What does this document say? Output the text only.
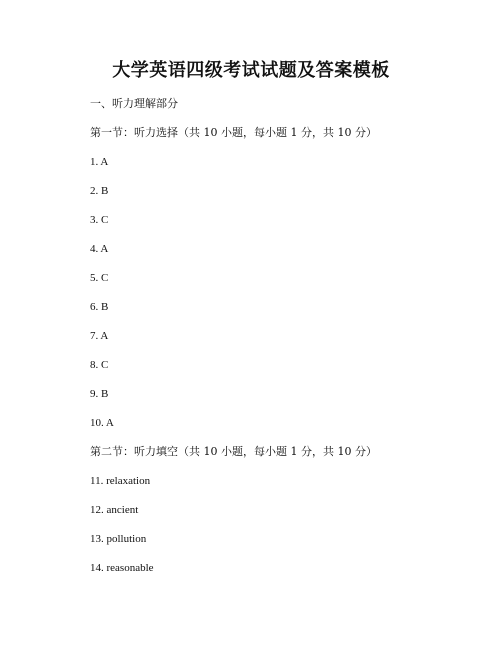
大学英语四级考试试题及答案模板

一、听力理解部分

第一节：听力选择（共 10 小题，每小题 1 分，共 10 分）

1. A

2. B

3. C

4. A

5. C

6. B

7. A

8. C

9. B

10. A

第二节：听力填空（共 10 小题，每小题 1 分，共 10 分）

11. relaxation

12. ancient

13. pollution

14. reasonable
